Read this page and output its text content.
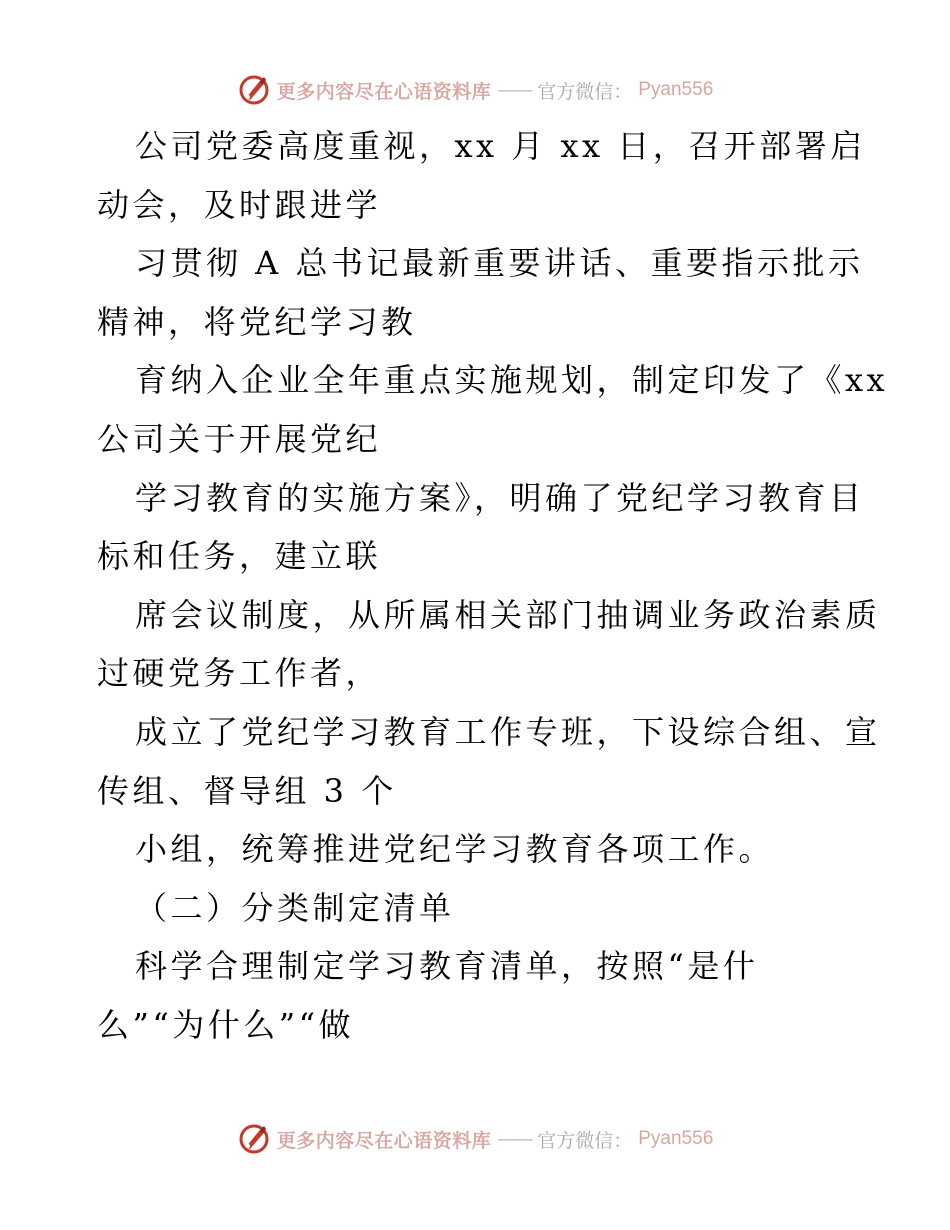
更多内容尽在心语资料库 —— 官方微信： Pyan556
公司党委高度重视，xx 月 xx 日，召开部署启
动会，及时跟进学
习贯彻 A 总书记最新重要讲话、重要指示批示
精神，将党纪学习教
育纳入企业全年重点实施规划，制定印发了《xx
公司关于开展党纪
学习教育的实施方案》，明确了党纪学习教育目
标和任务，建立联
席会议制度，从所属相关部门抽调业务政治素质
过硬党务工作者，
成立了党纪学习教育工作专班，下设综合组、宣
传组、督导组 3 个
小组，统筹推进党纪学习教育各项工作。
（二）分类制定清单
科学合理制定学习教育清单，按照“是什
么”“为什么”“做
更多内容尽在心语资料库 —— 官方微信： Pyan556
